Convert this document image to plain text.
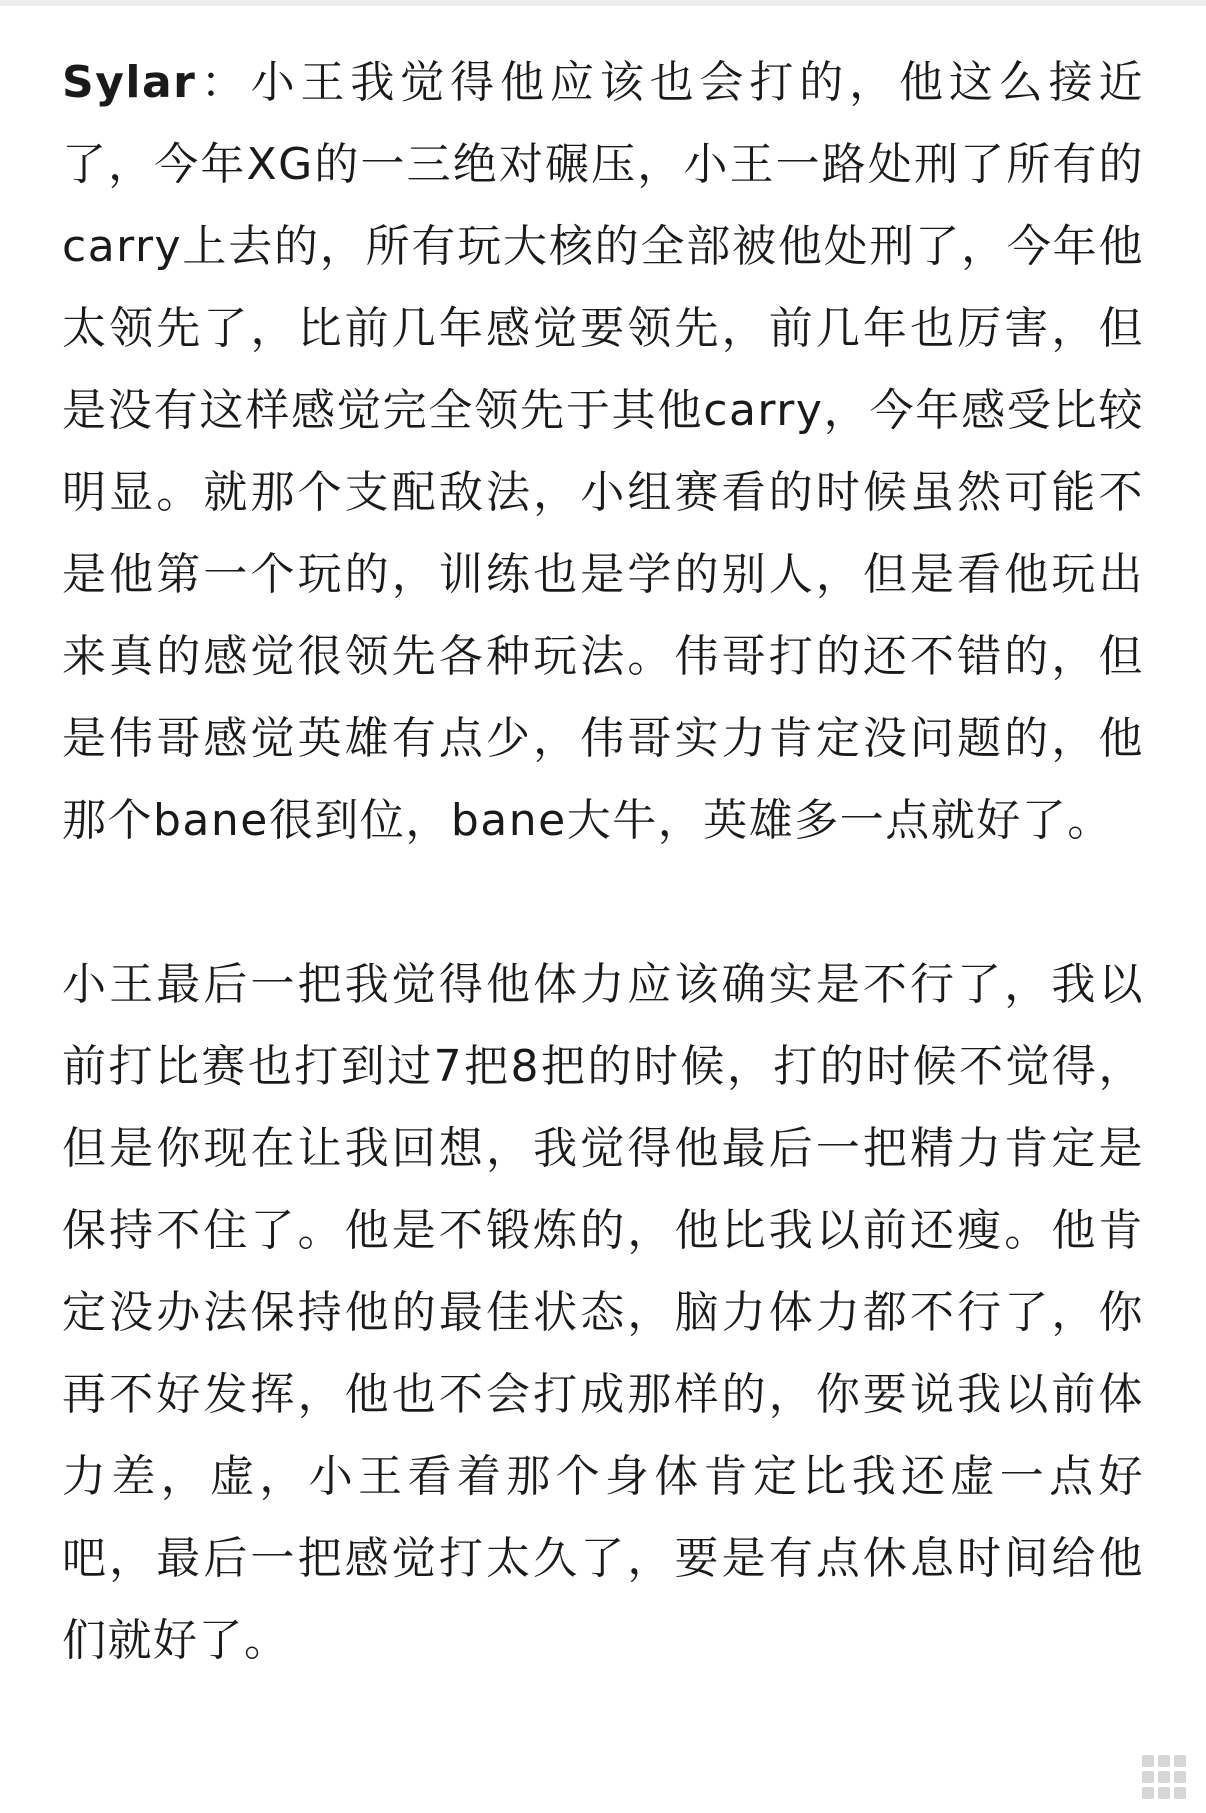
Sylar：小王我觉得他应该也会打的，他这么接近了，今年XG的一三绝对碾压，小王一路处刑了所有的carry上去的，所有玩大核的全部被他处刑了，今年他太领先了，比前几年感觉要领先，前几年也厉害，但是没有这样感觉完全领先于其他carry，今年感受比较明显。就那个支配敌法，小组赛看的时候虽然可能不是他第一个玩的，训练也是学的别人，但是看他玩出来真的感觉很领先各种玩法。伟哥打的还不错的，但是伟哥感觉英雄有点少，伟哥实力肯定没问题的，他那个bane很到位，bane大牛，英雄多一点就好了。

小王最后一把我觉得他体力应该确实是不行了，我以前打比赛也打到过7把8把的时候，打的时候不觉得，但是你现在让我回想，我觉得他最后一把精力肯定是保持不住了。他是不锻炼的，他比我以前还瘦。他肯定没办法保持他的最佳状态，脑力体力都不行了，你再不好发挥，他也不会打成那样的，你要说我以前体力差，虚，小王看着那个身体肯定比我还虚一点好吧，最后一把感觉打太久了，要是有点休息时间给他们就好了。
